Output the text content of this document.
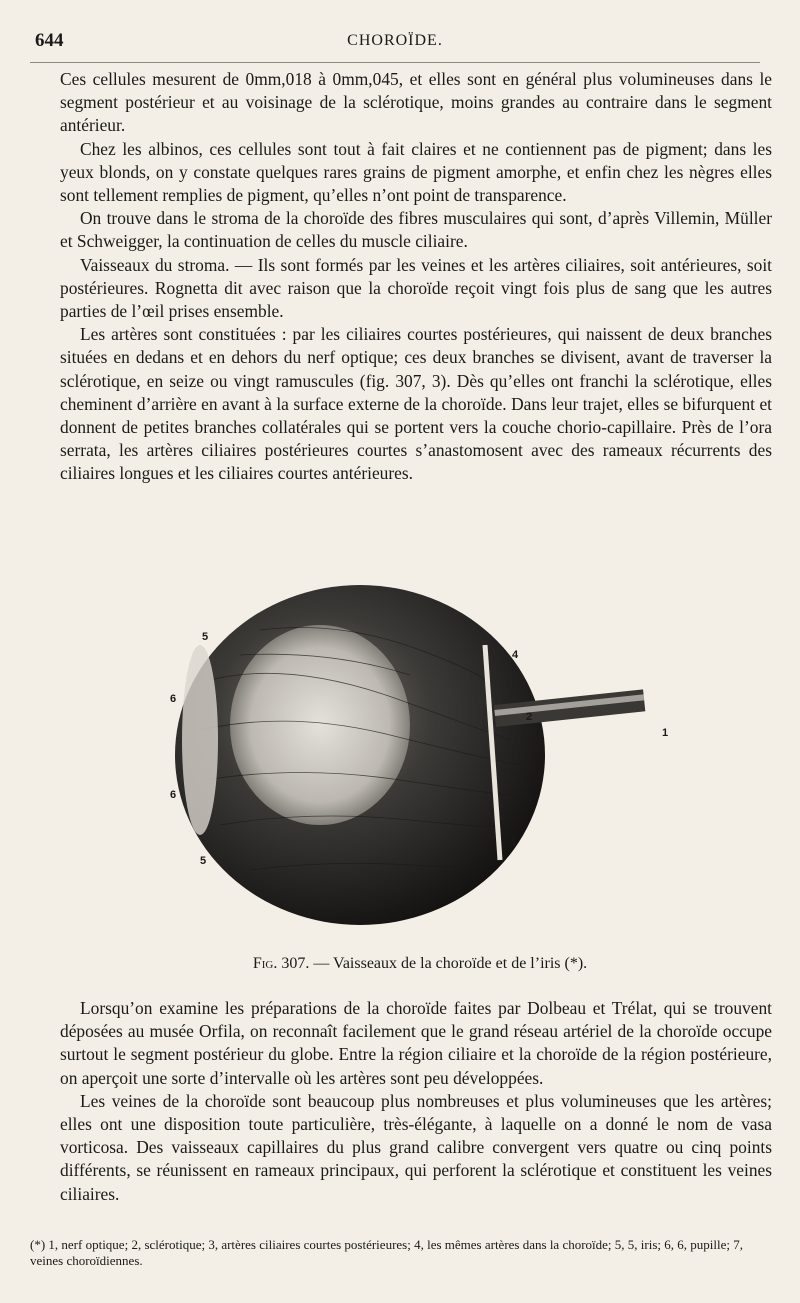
644	CHOROÏDE.

Ces cellules mesurent de 0mm,018 à 0mm,045, et elles sont en général plus volumineuses dans le segment postérieur et au voisinage de la sclérotique, moins grandes au contraire dans le segment antérieur.

Chez les albinos, ces cellules sont tout à fait claires et ne contiennent pas de pigment; dans les yeux blonds, on y constate quelques rares grains de pigment amorphe, et enfin chez les nègres elles sont tellement remplies de pigment, qu’elles n’ont point de transparence.

On trouve dans le stroma de la choroïde des fibres musculaires qui sont, d’après Villemin, Müller et Schweigger, la continuation de celles du muscle ciliaire.

Vaisseaux du stroma. — Ils sont formés par les veines et les artères ciliaires, soit antérieures, soit postérieures. Rognetta dit avec raison que la choroïde reçoit vingt fois plus de sang que les autres parties de l’œil prises ensemble.

Les artères sont constituées : par les ciliaires courtes postérieures, qui naissent de deux branches situées en dedans et en dehors du nerf optique; ces deux branches se divisent, avant de traverser la sclérotique, en seize ou vingt ramuscules (fig. 307, 3). Dès qu’elles ont franchi la sclérotique, elles cheminent d’arrière en avant à la surface externe de la choroïde. Dans leur trajet, elles se bifurquent et donnent de petites branches collatérales qui se portent vers la couche chorio-capillaire. Près de l’ora serrata, les artères ciliaires postérieures courtes s’anastomosent avec des rameaux récurrents des ciliaires longues et les ciliaires courtes antérieures.

5
6
6
5
4
2
1
2
3
3
4
Fig. 307. — Vaisseaux de la choroïde et de l’iris (*).

Lorsqu’on examine les préparations de la choroïde faites par Dolbeau et Trélat, qui se trouvent déposées au musée Orfila, on reconnaît facilement que le grand réseau artériel de la choroïde occupe surtout le segment postérieur du globe. Entre la région ciliaire et la choroïde de la région postérieure, on aperçoit une sorte d’intervalle où les artères sont peu développées.

Les veines de la choroïde sont beaucoup plus nombreuses et plus volumineuses que les artères; elles ont une disposition toute particulière, très-élégante, à laquelle on a donné le nom de vasa vorticosa. Des vaisseaux capillaires du plus grand calibre convergent vers quatre ou cinq points différents, se réunissent en rameaux principaux, qui perforent la sclérotique et constituent les veines ciliaires.

(*) 1, nerf optique; 2, sclérotique; 3, artères ciliaires courtes postérieures; 4, les mêmes artères dans la choroïde; 5, 5, iris; 6, 6, pupille; 7, veines choroïdiennes.
